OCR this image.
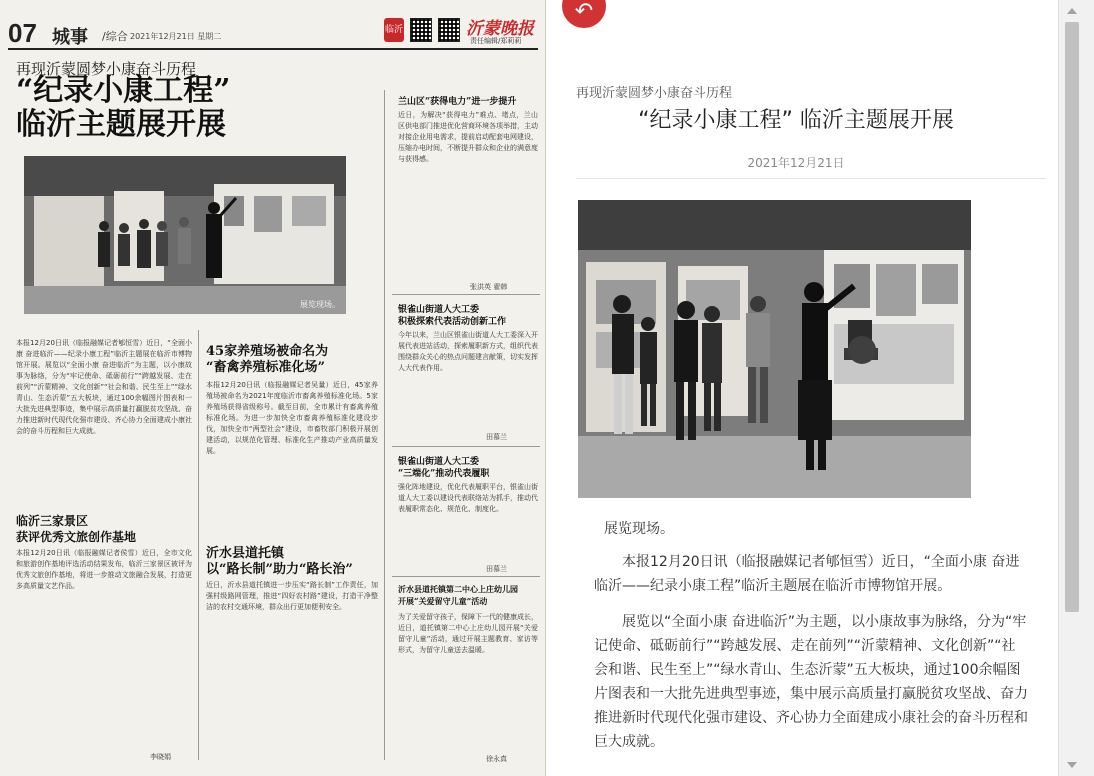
07 城事 /综合 2021年12月21日 星期二
临沂	沂蒙晚报
责任编辑/郑莉莉
再现沂蒙圆梦小康奋斗历程
“纪录小康工程”
临沂主题展开展
展览现场。
本报12月20日讯（临报融媒记者郇恒雪）近日，“全面小康 奋进临沂——纪录小康工程”临沂主题展在临沂市博物馆开展。展览以“全面小康 奋进临沂”为主题，以小康故事为脉络，分为“牢记使命、砥砺前行”“跨越发展、走在前列”“沂蒙精神、文化创新”“社会和谐、民生至上”“绿水青山、生态沂蒙”五大板块，通过100余幅图片图表和一大批先进典型事迹，集中展示高质量打赢脱贫攻坚战、奋力推进新时代现代化强市建设、齐心协力全面建成小康社会的奋斗历程和巨大成就。
临沂三家景区
获评优秀文旅创作基地
本报12月20日讯（临报融媒记者侯雪）近日，全市文化和旅游创作基地评选活动结果发布，临沂三家景区被评为优秀文旅创作基地，将进一步推动文旅融合发展，打造更多高质量文艺作品。
李晓娟
45家养殖场被命名为
“畜禽养殖标准化场”
本报12月20日讯（临报融媒记者吴量）近日，45家养殖场被命名为2021年度临沂市畜禽养殖标准化场。5家养殖场获得省级称号。截至目前，全市累计有畜禽养殖标准化场。为进一步加快全市畜禽养殖标准化建设步伐，加快全市“两型社会”建设，市畜牧部门积极开展创建活动，以规范化管理、标准化生产推动产业高质量发展。
沂水县道托镇
以“路长制”助力“路长治”
近日，沂水县道托镇进一步压实“路长制”工作责任，加强村级路网管理，推进“四好农村路”建设，打造干净整洁的农村交通环境，群众出行更加便利安全。
兰山区“获得电力”进一步提升
近日，为解决“获得电力”难点、堵点，兰山区供电部门推进优化营商环境各项举措，主动对接企业用电需求，提前启动配套电网建设，压缩办电时间，不断提升群众和企业的满意度与获得感。
张洪英 翟韩
银雀山街道人大工委
积极探索代表活动创新工作
今年以来，兰山区银雀山街道人大工委深入开展代表进站活动，探索履职新方式，组织代表围绕群众关心的热点问题建言献策，切实发挥人大代表作用。
田慕兰
银雀山街道人大工委
“三端化”推动代表履职
强化阵地建设，优化代表履职平台，银雀山街道人大工委以建设代表联络站为抓手，推动代表履职常态化、规范化、制度化。
田慕兰
沂水县道托镇第二中心上庄幼儿园
开展“关爱留守儿童”活动
为了关爱留守孩子，保障下一代的健康成长，近日，道托镇第二中心上庄幼儿园开展“关爱留守儿童”活动，通过开展主题教育、家访等形式，为留守儿童送去温暖。
徐永真
↶
再现沂蒙圆梦小康奋斗历程
“纪录小康工程” 临沂主题展开展
2021年12月21日
展览现场。

本报12月20日讯（临报融媒记者郇恒雪）近日，“全面小康 奋进临沂——纪录小康工程”临沂主题展在临沂市博物馆开展。

展览以“全面小康 奋进临沂”为主题，以小康故事为脉络，分为“牢记使命、砥砺前行”“跨越发展、走在前列”“沂蒙精神、文化创新”“社会和谐、民生至上”“绿水青山、生态沂蒙”五大板块，通过100余幅图片图表和一大批先进典型事迹，集中展示高质量打赢脱贫攻坚战、奋力推进新时代现代化强市建设、齐心协力全面建成小康社会的奋斗历程和巨大成就。
